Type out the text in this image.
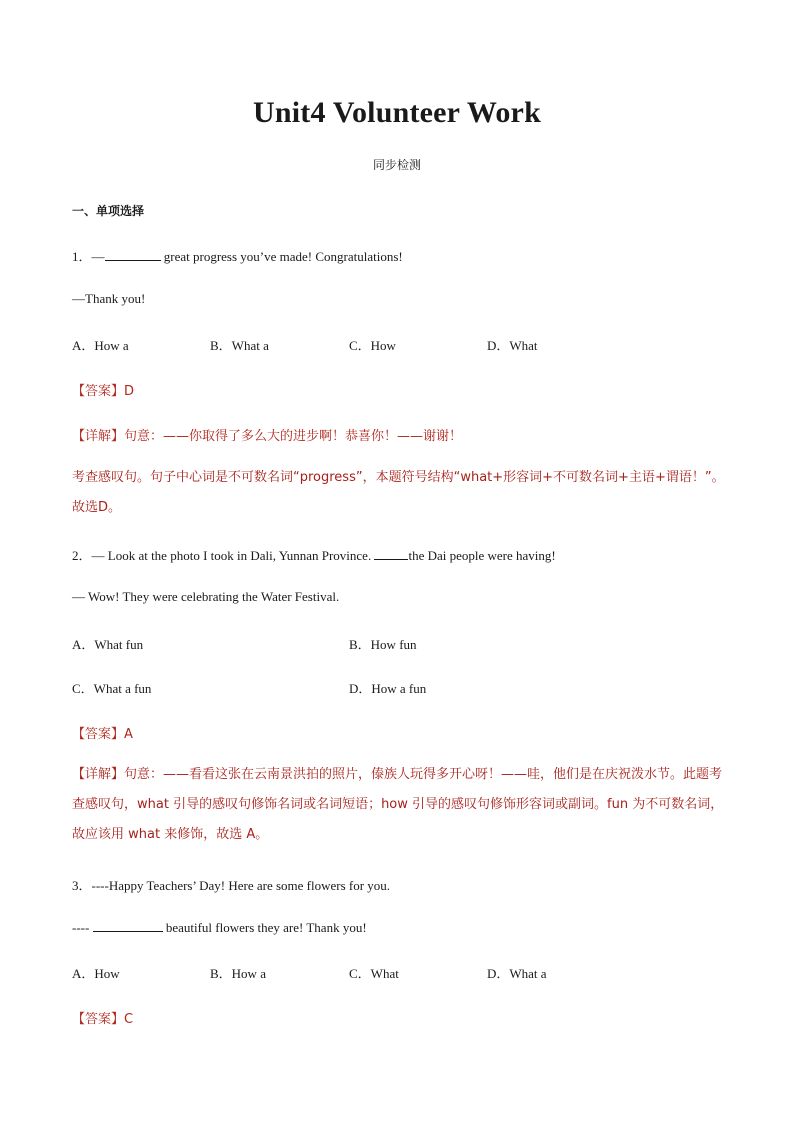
Unit4 Volunteer Work
同步检测
一、单项选择
1．—	great progress you’ve made! Congratulations!
—Thank you!
A．How a	B．What a	C．How	D．What
【答案】D
【详解】句意：——你取得了多么大的进步啊！恭喜你！——谢谢！
考查感叹句。句子中心词是不可数名词“progress”，本题符号结构“what+形容词+不可数名词+主语+谓语！”。
故选D。
2．— Look at the photo I took in Dali, Yunnan Province.	the Dai people were having!
— Wow! They were celebrating the Water Festival.
A．What fun	B．How fun
C．What a fun	D．How a fun
【答案】A
【详解】句意：——看看这张在云南景洪拍的照片，傣族人玩得多开心呀！——哇，他们是在庆祝泼水节。此题考查感叹句，what 引导的感叹句修饰名词或名词短语；how 引导的感叹句修饰形容词或副词。fun 为不可数名词，故应该用 what 来修饰，故选 A。
3．----Happy Teachers’ Day! Here are some flowers for you.
----	beautiful flowers they are! Thank you!
A．How	B．How a	C．What	D．What a
【答案】C
